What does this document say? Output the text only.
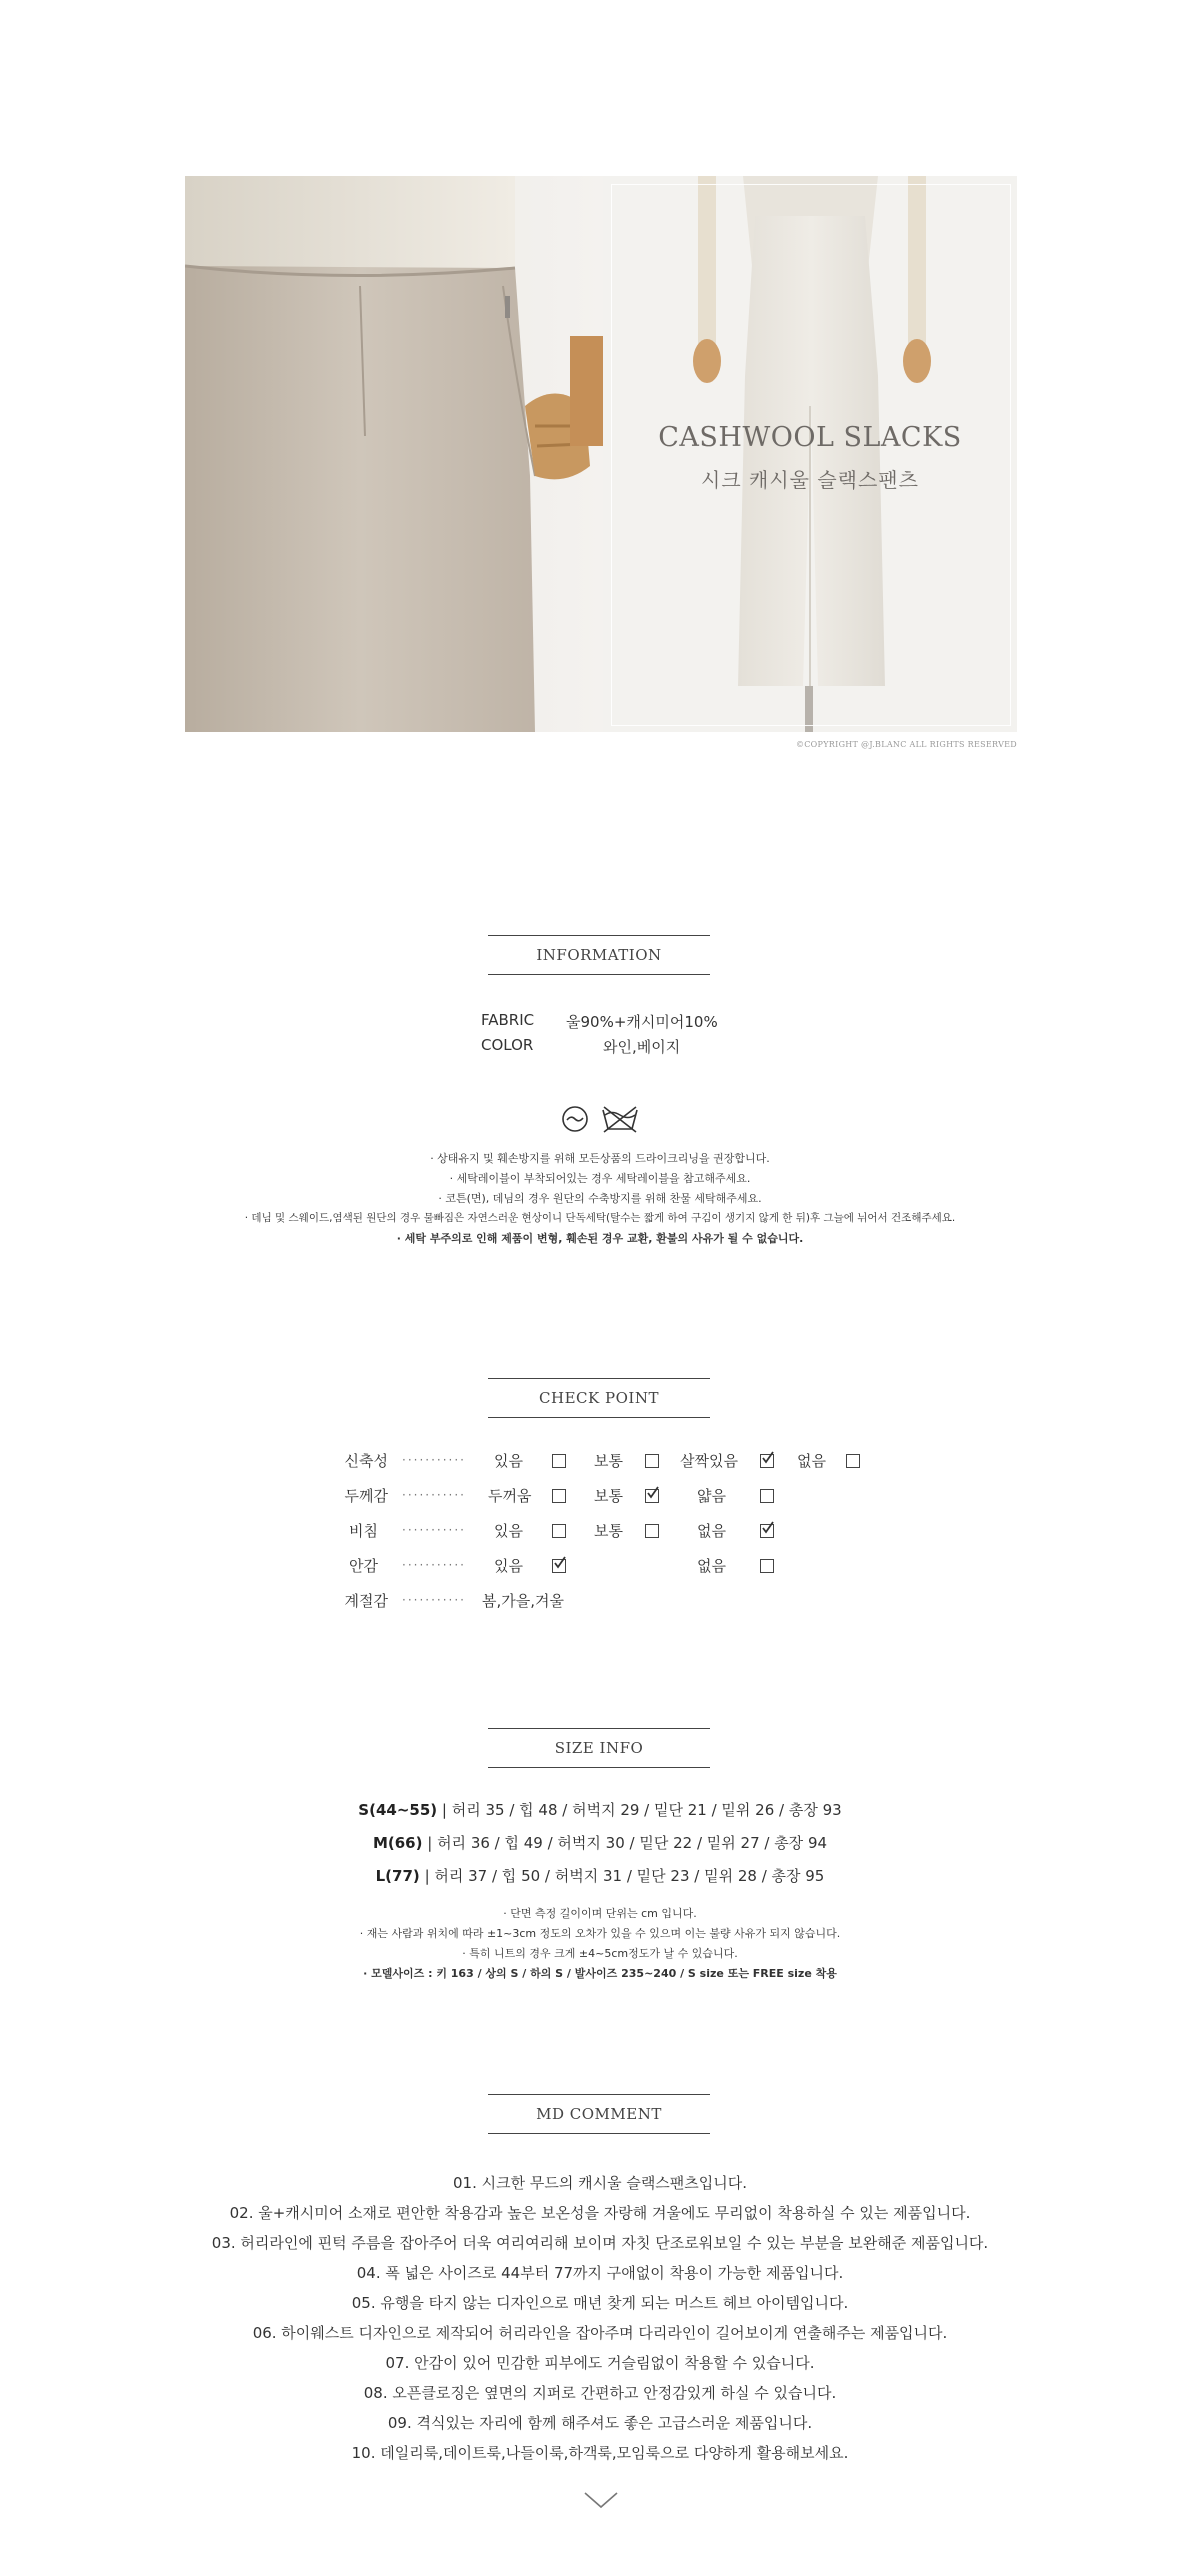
CASHWOOL SLACKS
시크 캐시울 슬랙스팬츠
©COPYRIGHT @J.BLANC ALL RIGHTS RESERVED
INFORMATION
FABRIC 울90%+캐시미어10%
COLOR	와인,베이지
· 상태유지 및 훼손방지를 위해 모든상품의 드라이크리닝을 권장합니다.
· 세탁레이블이 부착되어있는 경우 세탁레이블을 참고해주세요.
· 코튼(면), 데님의 경우 원단의 수축방지를 위해 찬물 세탁해주세요.
· 데님 및 스웨이드,염색된 원단의 경우 물빠짐은 자연스러운 현상이니 단독세탁(탈수는 짧게 하여 구김이 생기지 않게 한 뒤)후 그늘에 뉘어서 건조해주세요.
· 세탁 부주의로 인해 제품이 변형, 훼손된 경우 교환, 환불의 사유가 될 수 없습니다.
CHECK POINT
신축성 ··········· 있음	보통	살짝있음	없음
두께감 ··········· 두꺼움	보통	얇음
비침 ··········· 있음	보통	없음
안감 ··········· 있음	없음
계절감 ··········· 봄,가을,겨울
SIZE INFO
S(44~55) | 허리 35 / 힙 48 / 허벅지 29 / 밑단 21 / 밑위 26 / 총장 93
M(66) | 허리 36 / 힙 49 / 허벅지 30 / 밑단 22 / 밑위 27 / 총장 94
L(77) | 허리 37 / 힙 50 / 허벅지 31 / 밑단 23 / 밑위 28 / 총장 95
· 단면 측정 길이이며 단위는 cm 입니다.
· 재는 사람과 위치에 따라 ±1~3cm 정도의 오차가 있을 수 있으며 이는 불량 사유가 되지 않습니다.
· 특히 니트의 경우 크게 ±4~5cm정도가 날 수 있습니다.
· 모델사이즈 : 키 163 / 상의 S / 하의 S / 발사이즈 235~240 / S size 또는 FREE size 착용
MD COMMENT
01. 시크한 무드의 캐시울 슬랙스팬츠입니다.
02. 울+캐시미어 소재로 편안한 착용감과 높은 보온성을 자랑해 겨울에도 무리없이 착용하실 수 있는 제품입니다.
03. 허리라인에 핀턱 주름을 잡아주어 더욱 여리여리해 보이며 자칫 단조로워보일 수 있는 부분을 보완해준 제품입니다.
04. 폭 넓은 사이즈로 44부터 77까지 구애없이 착용이 가능한 제품입니다.
05. 유행을 타지 않는 디자인으로 매년 찾게 되는 머스트 헤브 아이템입니다.
06. 하이웨스트 디자인으로 제작되어 허리라인을 잡아주며 다리라인이 길어보이게 연출해주는 제품입니다.
07. 안감이 있어 민감한 피부에도 거슬림없이 착용할 수 있습니다.
08. 오픈클로징은 옆면의 지퍼로 간편하고 안정감있게 하실 수 있습니다.
09. 격식있는 자리에 함께 해주셔도 좋은 고급스러운 제품입니다.
10. 데일리룩,데이트룩,나들이룩,하객룩,모임룩으로 다양하게 활용해보세요.
